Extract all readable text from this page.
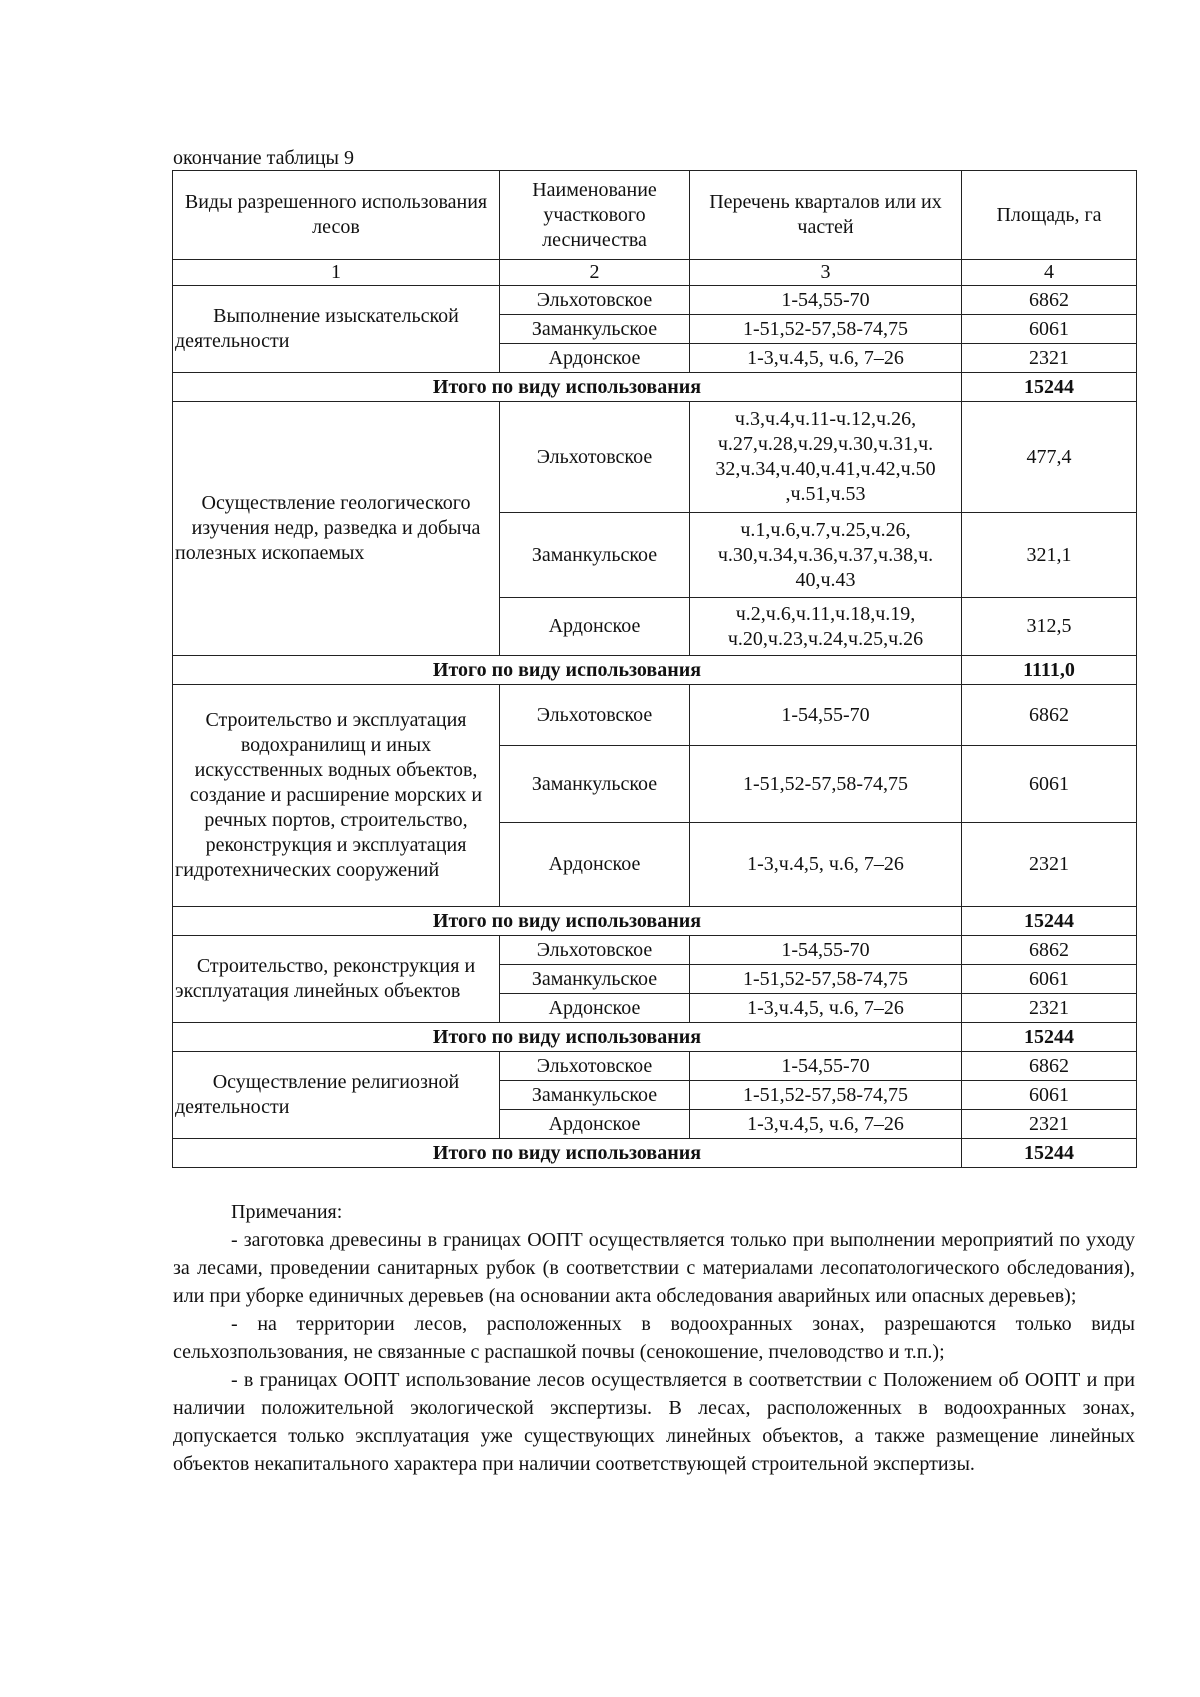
окончание таблицы 9
Виды разрешенного использования лесов	Наименование участкового лесничества	Перечень кварталов или их частей	Площадь, га
1	2	3	4
Выполнение изыскательской деятельности	Эльхотовское	1-54,55-70	6862
	Заманкульское	1-51,52-57,58-74,75	6061
	Ардонское	1-3,ч.4,5, ч.6, 7–26	2321
Итого по виду использования			15244
Осуществление геологического изучения недр, разведка и добыча полезных ископаемых	Эльхотовское	ч.3,ч.4,ч.11-ч.12,ч.26, ч.27,ч.28,ч.29,ч.30,ч.31,ч. 32,ч.34,ч.40,ч.41,ч.42,ч.50 ,ч.51,ч.53	477,4
	Заманкульское	ч.1,ч.6,ч.7,ч.25,ч.26, ч.30,ч.34,ч.36,ч.37,ч.38,ч. 40,ч.43	321,1
	Ардонское	ч.2,ч.6,ч.11,ч.18,ч.19, ч.20,ч.23,ч.24,ч.25,ч.26	312,5
Итого по виду использования			1111,0
Строительство и эксплуатация водохранилищ и иных искусственных водных объектов, создание и расширение морских и речных портов, строительство, реконструкция и эксплуатация гидротехнических сооружений	Эльхотовское	1-54,55-70	6862
	Заманкульское	1-51,52-57,58-74,75	6061
	Ардонское	1-3,ч.4,5, ч.6, 7–26	2321
Итого по виду использования			15244
Строительство, реконструкция и эксплуатация линейных объектов	Эльхотовское	1-54,55-70	6862
	Заманкульское	1-51,52-57,58-74,75	6061
	Ардонское	1-3,ч.4,5, ч.6, 7–26	2321
Итого по виду использования			15244
Осуществление религиозной деятельности	Эльхотовское	1-54,55-70	6862
	Заманкульское	1-51,52-57,58-74,75	6061
	Ардонское	1-3,ч.4,5, ч.6, 7–26	2321
Итого по виду использования			15244

Примечания:

- заготовка древесины в границах ООПТ осуществляется только при выполнении мероприятий по уходу за лесами, проведении санитарных рубок (в соответствии с материалами лесопатологического обследования), или при уборке единичных деревьев (на основании акта обследования аварийных или опасных деревьев);

- на территории лесов, расположенных в водоохранных зонах, разрешаются только виды сельхозпользования, не связанные с распашкой почвы (сенокошение, пчеловодство и т.п.);

- в границах ООПТ использование лесов осуществляется в соответствии с Положением об ООПТ и при наличии положительной экологической экспертизы. В лесах, расположенных в водоохранных зонах, допускается только эксплуатация уже существующих линейных объектов, а также размещение линейных объектов некапитального характера при наличии соответствующей строительной экспертизы.
